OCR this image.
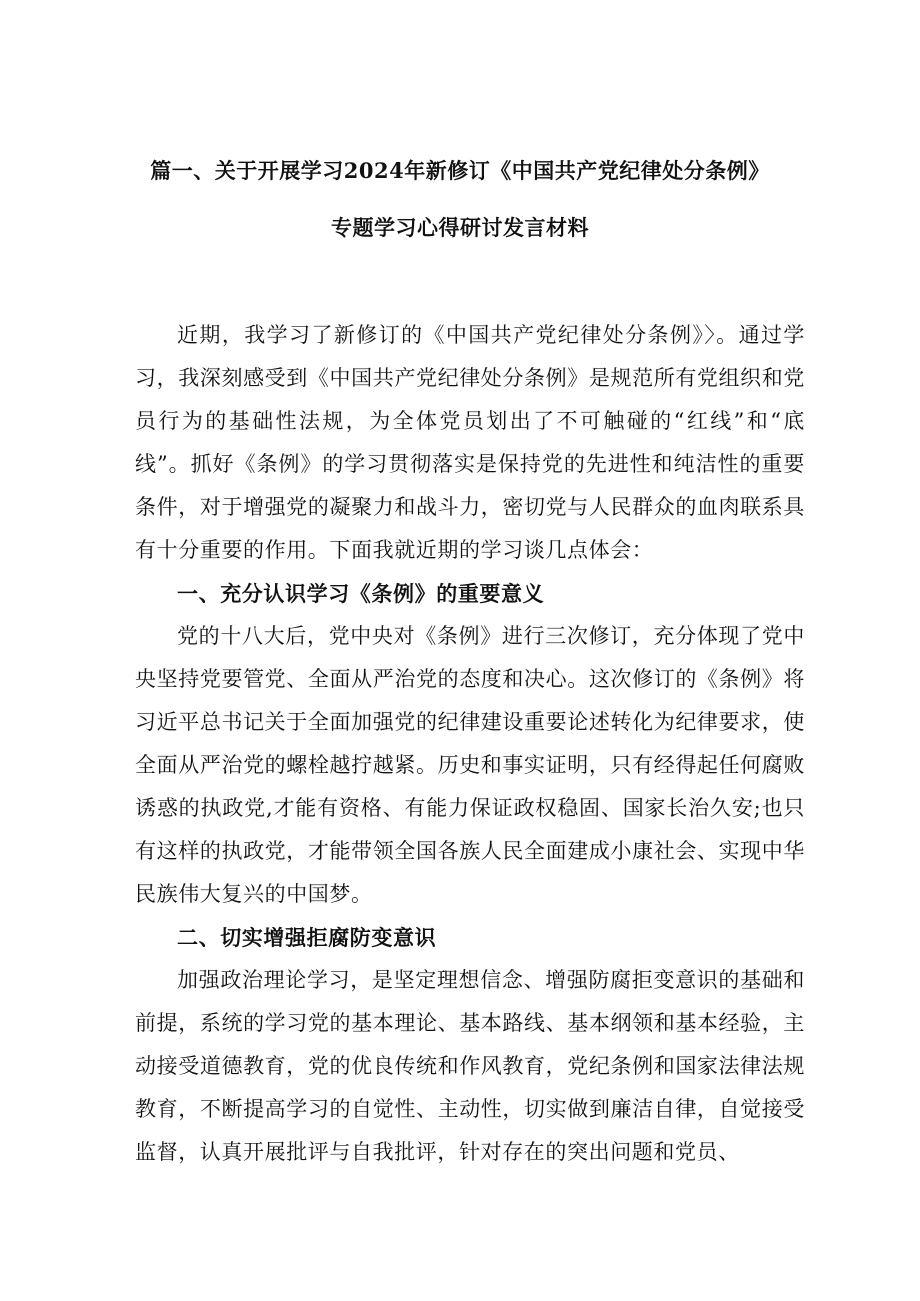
篇一、关于开展学习2024年新修订《中国共产党纪律处分条例》
专题学习心得研讨发言材料

近期，我学习了新修订的《中国共产党纪律处分条例》〉。通过学习，我深刻感受到《中国共产党纪律处分条例》是规范所有党组织和党员行为的基础性法规，为全体党员划出了不可触碰的“红线”和“底线”。抓好《条例》的学习贯彻落实是保持党的先进性和纯洁性的重要条件，对于增强党的凝聚力和战斗力，密切党与人民群众的血肉联系具有十分重要的作用。下面我就近期的学习谈几点体会：

一、充分认识学习《条例》的重要意义

党的十八大后，党中央对《条例》进行三次修订，充分体现了党中央坚持党要管党、全面从严治党的态度和决心。这次修订的《条例》将习近平总书记关于全面加强党的纪律建设重要论述转化为纪律要求，使全面从严治党的螺栓越拧越紧。历史和事实证明，只有经得起任何腐败诱惑的执政党,才能有资格、有能力保证政权稳固、国家长治久安;也只有这样的执政党，才能带领全国各族人民全面建成小康社会、实现中华民族伟大复兴的中国梦。

二、切实增强拒腐防变意识

加强政治理论学习，是坚定理想信念、增强防腐拒变意识的基础和前提，系统的学习党的基本理论、基本路线、基本纲领和基本经验，主动接受道德教育，党的优良传统和作风教育，党纪条例和国家法律法规教育，不断提高学习的自觉性、主动性，切实做到廉洁自律，自觉接受监督，认真开展批评与自我批评，针对存在的突出问题和党员、
